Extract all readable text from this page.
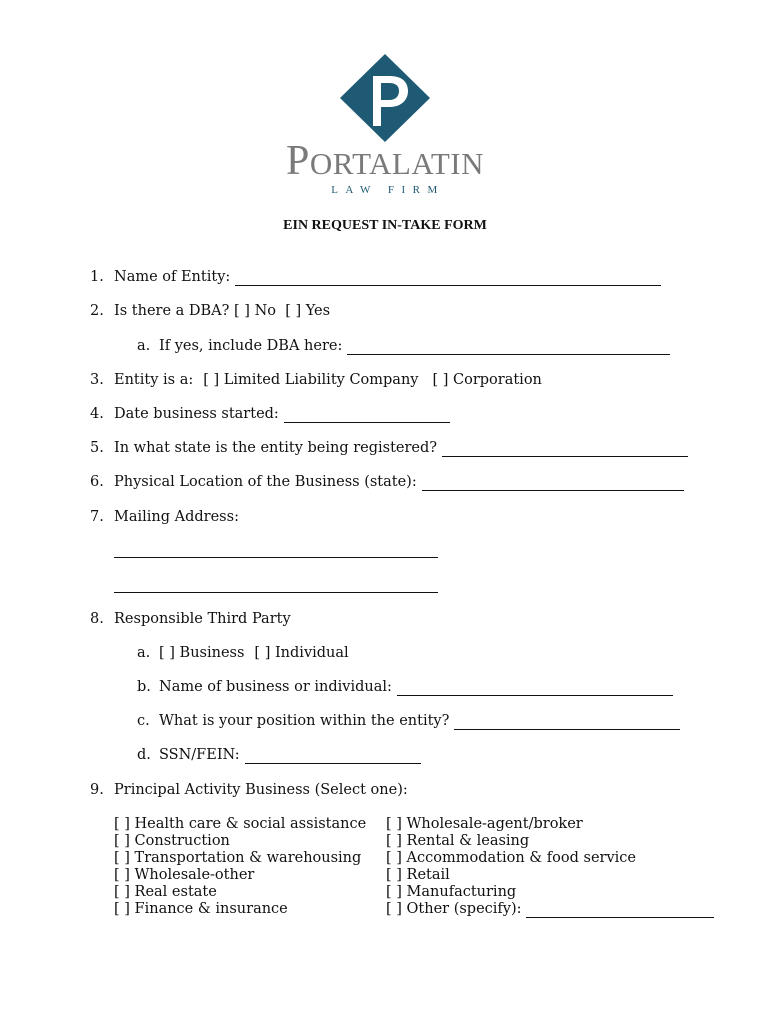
PORTALATIN
LAW FIRM
EIN REQUEST IN-TAKE FORM
1. Name of Entity:
2. Is there a DBA? [ ] No  [ ] Yes
a. If yes, include DBA here:
3. Entity is a: [ ] Limited Liability Company [ ] Corporation
4. Date business started:
5. In what state is the entity being registered?
6. Physical Location of the Business (state):
7. Mailing Address:
8. Responsible Third Party
a. [ ] Business [ ] Individual
b. Name of business or individual:
c. What is your position within the entity?
d. SSN/FEIN:
9. Principal Activity Business (Select one):
[ ] Health care & social assistance
[ ] Construction
[ ] Transportation & warehousing
[ ] Wholesale-other
[ ] Real estate
[ ] Finance & insurance
[ ] Wholesale-agent/broker
[ ] Rental & leasing
[ ] Accommodation & food service
[ ] Retail
[ ] Manufacturing
[ ] Other (specify):
